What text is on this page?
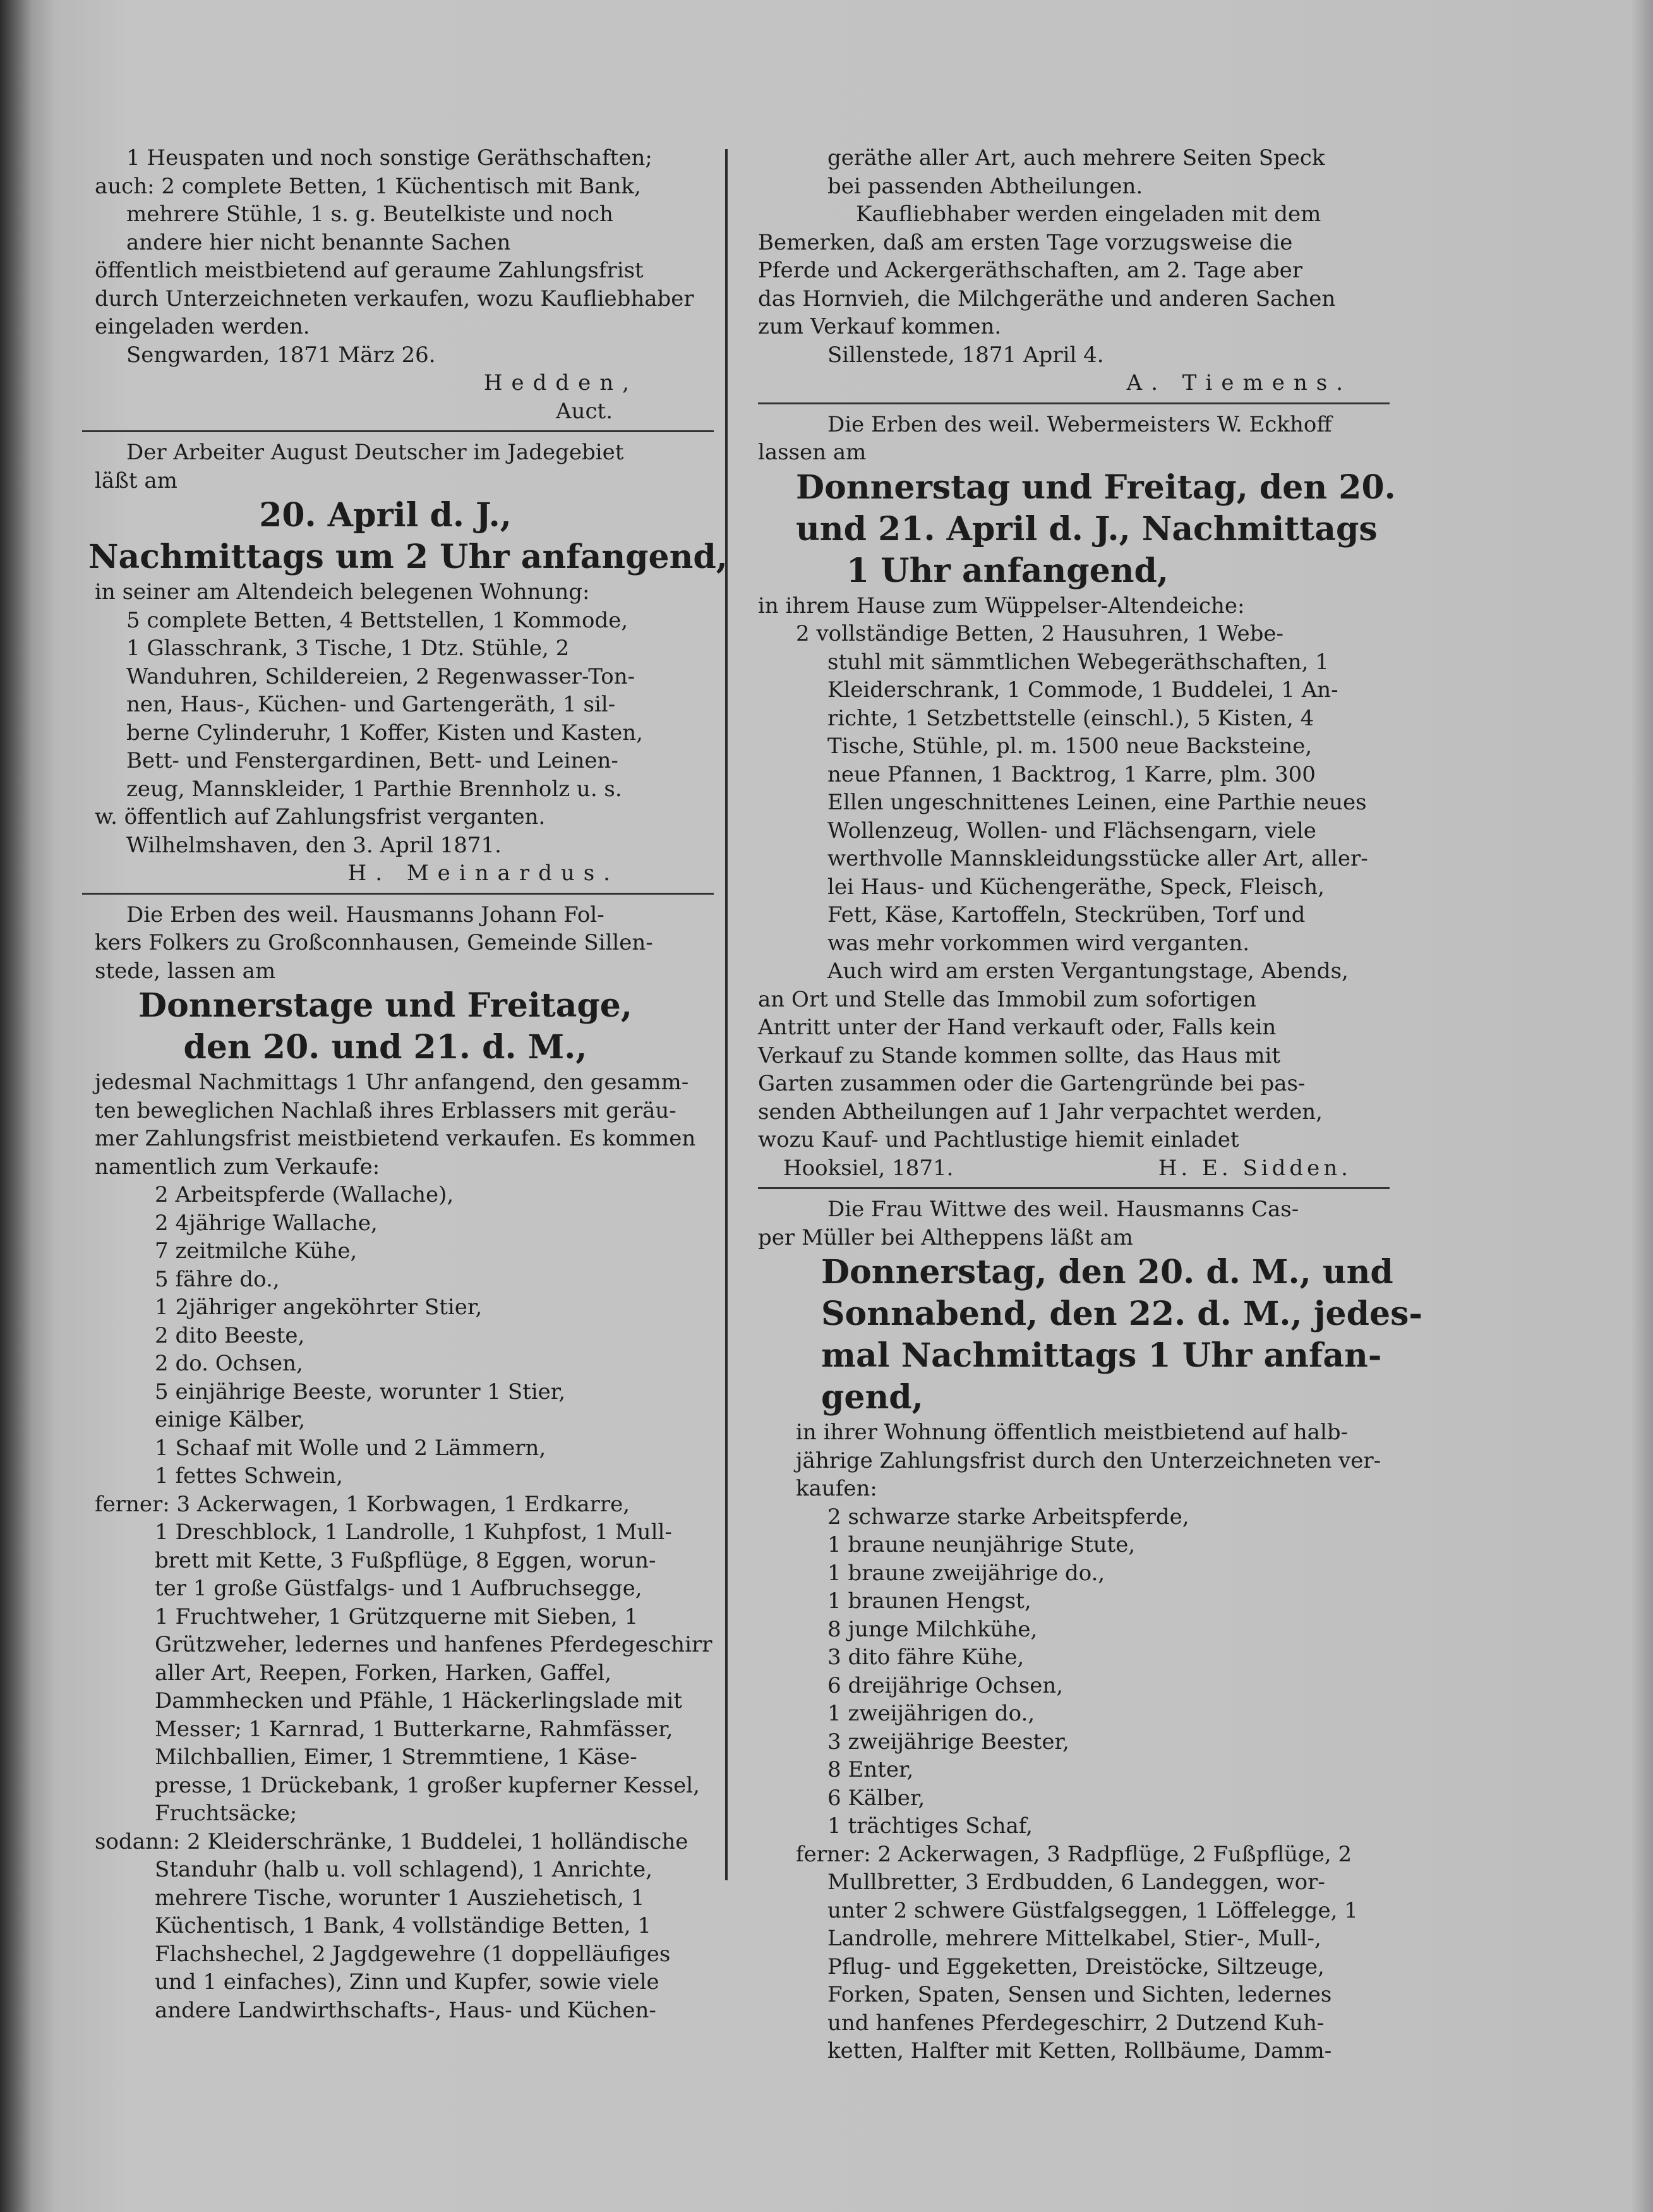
1 Heuspaten und noch sonstige Geräthschaften;

auch: 2 complete Betten, 1 Küchentisch mit Bank,

mehrere Stühle, 1 s. g. Beutelkiste und noch

andere hier nicht benannte Sachen

öffentlich meistbietend auf geraume Zahlungsfrist

durch Unterzeichneten verkaufen, wozu Kaufliebhaber

eingeladen werden.

Sengwarden, 1871 März 26.

Hedden,

Auct.

Der Arbeiter August Deutscher im Jadegebiet

läßt am

20. April d. J.,

Nachmittags um 2 Uhr anfangend,

in seiner am Altendeich belegenen Wohnung:

5 complete Betten, 4 Bettstellen, 1 Kommode,

1 Glasschrank, 3 Tische, 1 Dtz. Stühle, 2

Wanduhren, Schildereien, 2 Regenwasser-Ton-

nen, Haus-, Küchen- und Gartengeräth, 1 sil-

berne Cylinderuhr, 1 Koffer, Kisten und Kasten,

Bett- und Fenstergardinen, Bett- und Leinen-

zeug, Mannskleider, 1 Parthie Brennholz u. s.

w. öffentlich auf Zahlungsfrist verganten.

Wilhelmshaven, den 3. April 1871.

H. Meinardus.

Die Erben des weil. Hausmanns Johann Fol-

kers Folkers zu Großconnhausen, Gemeinde Sillen-

stede, lassen am

Donnerstage und Freitage,

den 20. und 21. d. M.,

jedesmal Nachmittags 1 Uhr anfangend, den gesamm-

ten beweglichen Nachlaß ihres Erblassers mit geräu-

mer Zahlungsfrist meistbietend verkaufen. Es kommen

namentlich zum Verkaufe:

2 Arbeitspferde (Wallache),

2 4jährige Wallache,

7 zeitmilche Kühe,

5 fähre do.,

1 2jähriger angeköhrter Stier,

2 dito Beeste,

2 do. Ochsen,

5 einjährige Beeste, worunter 1 Stier,

einige Kälber,

1 Schaaf mit Wolle und 2 Lämmern,

1 fettes Schwein,

ferner: 3 Ackerwagen, 1 Korbwagen, 1 Erdkarre,

1 Dreschblock, 1 Landrolle, 1 Kuhpfost, 1 Mull-

brett mit Kette, 3 Fußpflüge, 8 Eggen, worun-

ter 1 große Güstfalgs- und 1 Aufbruchsegge,

1 Fruchtweher, 1 Grützquerne mit Sieben, 1

Grützweher, ledernes und hanfenes Pferdegeschirr

aller Art, Reepen, Forken, Harken, Gaffel,

Dammhecken und Pfähle, 1 Häckerlingslade mit

Messer; 1 Karnrad, 1 Butterkarne, Rahmfässer,

Milchballien, Eimer, 1 Stremmtiene, 1 Käse-

presse, 1 Drückebank, 1 großer kupferner Kessel,

Fruchtsäcke;

sodann: 2 Kleiderschränke, 1 Buddelei, 1 holländische

Standuhr (halb u. voll schlagend), 1 Anrichte,

mehrere Tische, worunter 1 Ausziehetisch, 1

Küchentisch, 1 Bank, 4 vollständige Betten, 1

Flachshechel, 2 Jagdgewehre (1 doppelläufiges

und 1 einfaches), Zinn und Kupfer, sowie viele

andere Landwirthschafts-, Haus- und Küchen-

geräthe aller Art, auch mehrere Seiten Speck

bei passenden Abtheilungen.

Kaufliebhaber werden eingeladen mit dem

Bemerken, daß am ersten Tage vorzugsweise die

Pferde und Ackergeräthschaften, am 2. Tage aber

das Hornvieh, die Milchgeräthe und anderen Sachen

zum Verkauf kommen.

Sillenstede, 1871 April 4.

A. Tiemens.

Die Erben des weil. Webermeisters W. Eckhoff

lassen am

Donnerstag und Freitag, den 20.

und 21. April d. J., Nachmittags

1 Uhr anfangend,

in ihrem Hause zum Wüppelser-Altendeiche:

2 vollständige Betten, 2 Hausuhren, 1 Webe-

stuhl mit sämmtlichen Webegeräthschaften, 1

Kleiderschrank, 1 Commode, 1 Buddelei, 1 An-

richte, 1 Setzbettstelle (einschl.), 5 Kisten, 4

Tische, Stühle, pl. m. 1500 neue Backsteine,

neue Pfannen, 1 Backtrog, 1 Karre, plm. 300

Ellen ungeschnittenes Leinen, eine Parthie neues

Wollenzeug, Wollen- und Flächsengarn, viele

werthvolle Mannskleidungsstücke aller Art, aller-

lei Haus- und Küchengeräthe, Speck, Fleisch,

Fett, Käse, Kartoffeln, Steckrüben, Torf und

was mehr vorkommen wird verganten.

Auch wird am ersten Vergantungstage, Abends,

an Ort und Stelle das Immobil zum sofortigen

Antritt unter der Hand verkauft oder, Falls kein

Verkauf zu Stande kommen sollte, das Haus mit

Garten zusammen oder die Gartengründe bei pas-

senden Abtheilungen auf 1 Jahr verpachtet werden,

wozu Kauf- und Pachtlustige hiemit einladet

Hooksiel, 1871.	H. E. Sidden.

Die Frau Wittwe des weil. Hausmanns Cas-

per Müller bei Altheppens läßt am

Donnerstag, den 20. d. M., und

Sonnabend, den 22. d. M., jedes-

mal Nachmittags 1 Uhr anfan-

gend,

in ihrer Wohnung öffentlich meistbietend auf halb-

jährige Zahlungsfrist durch den Unterzeichneten ver-

kaufen:

2 schwarze starke Arbeitspferde,

1 braune neunjährige Stute,

1 braune zweijährige do.,

1 braunen Hengst,

8 junge Milchkühe,

3 dito fähre Kühe,

6 dreijährige Ochsen,

1 zweijährigen do.,

3 zweijährige Beester,

8 Enter,

6 Kälber,

1 trächtiges Schaf,

ferner: 2 Ackerwagen, 3 Radpflüge, 2 Fußpflüge, 2

Mullbretter, 3 Erdbudden, 6 Landeggen, wor-

unter 2 schwere Güstfalgseggen, 1 Löffelegge, 1

Landrolle, mehrere Mittelkabel, Stier-, Mull-,

Pflug- und Eggeketten, Dreistöcke, Siltzeuge,

Forken, Spaten, Sensen und Sichten, ledernes

und hanfenes Pferdegeschirr, 2 Dutzend Kuh-

ketten, Halfter mit Ketten, Rollbäume, Damm-
